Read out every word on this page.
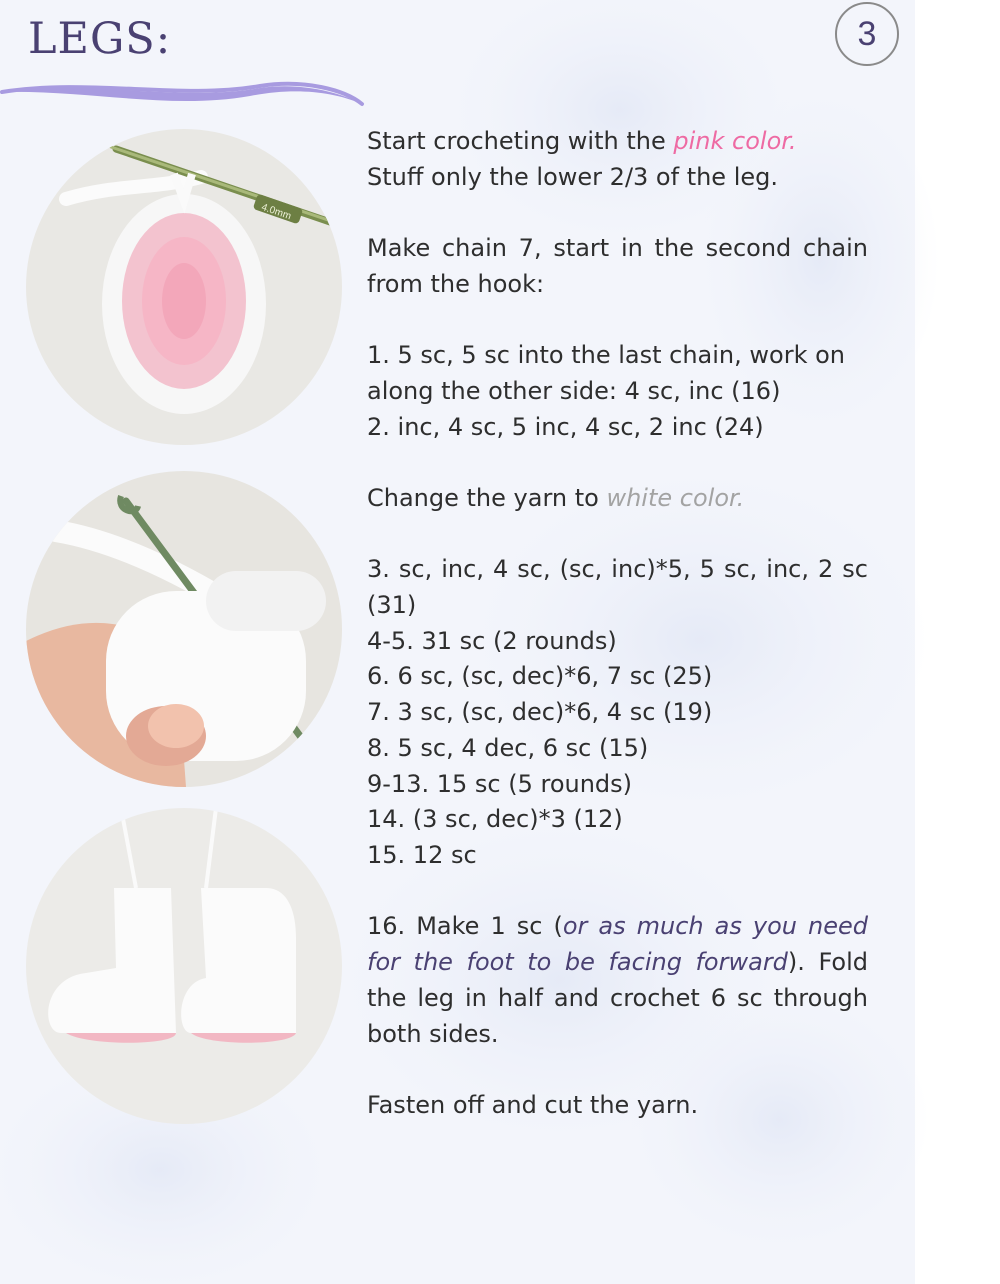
LEGS:	3
4.0mm

Start crocheting with the pink color.

Stuff only the lower 2/3 of the leg.

Make chain 7, start in the second chain from the hook:

1. 5 sc, 5 sc into the last chain, work on

along the other side: 4 sc, inc (16)

2. inc, 4 sc, 5 inc, 4 sc, 2 inc (24)

Change the yarn to white color.

3. sc, inc, 4 sc, (sc, inc)*5, 5 sc, inc, 2 sc (31)

4-5. 31 sc (2 rounds)

6. 6 sc, (sc, dec)*6, 7 sc (25)

7. 3 sc, (sc, dec)*6, 4 sc (19)

8. 5 sc, 4 dec, 6 sc (15)

9-13. 15 sc (5 rounds)

14. (3 sc, dec)*3 (12)

15. 12 sc

16. Make 1 sc (or as much as you need for the foot to be facing forward). Fold the leg in half and crochet 6 sc through both sides.

Fasten off and cut the yarn.
